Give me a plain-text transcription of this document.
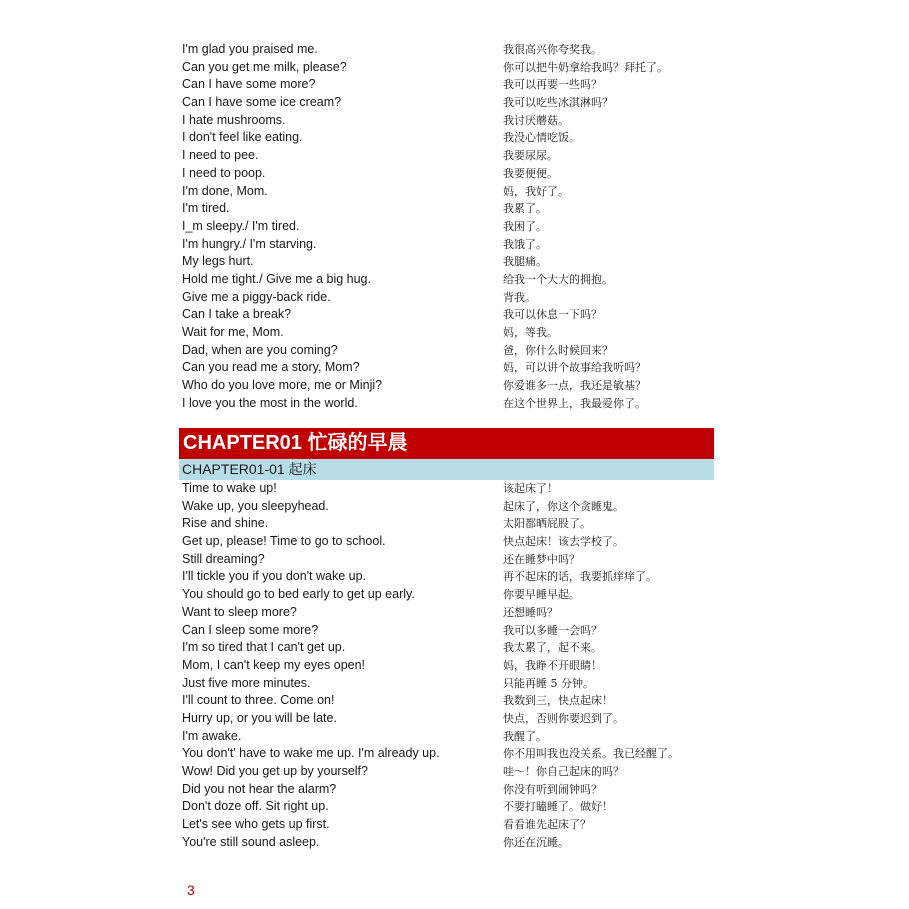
I'm glad you praised me.	我很高兴你夸奖我。
Can you get me milk, please?	你可以把牛奶拿给我吗？拜托了。
Can I have some more?	我可以再要一些吗？
Can I have some ice cream?	我可以吃些冰淇淋吗？
I hate mushrooms.	我讨厌蘑菇。
I don't feel like eating.	我没心情吃饭。
I need to pee.	我要尿尿。
I need to poop.	我要便便。
I'm done, Mom.	妈，我好了。
I'm tired.	我累了。
I_m sleepy./ I'm tired.	我困了。
I'm hungry./ I'm starving.	我饿了。
My legs hurt.	我腿痛。
Hold me tight./ Give me a big hug.	给我一个大大的拥抱。
Give me a piggy-back ride.	背我。
Can I take a break?	我可以休息一下吗？
Wait for me, Mom.	妈，等我。
Dad, when are you coming?	爸，你什么时候回来？
Can you read me a story, Mom?	妈，可以讲个故事给我听吗？
Who do you love more, me or Minji?	你爱谁多一点，我还是敏基？
I love you the most in the world.	在这个世界上，我最爱你了。
CHAPTER01 忙碌的早晨
CHAPTER01-01 起床
Time to wake up!	该起床了！
Wake up, you sleepyhead.	起床了，你这个贪睡鬼。
Rise and shine.	太阳都晒屁股了。
Get up, please! Time to go to school.	快点起床！该去学校了。
Still dreaming?	还在睡梦中吗？
I'll tickle you if you don't wake up.	再不起床的话，我要抓痒痒了。
You should go to bed early to get up early.	你要早睡早起。
Want to sleep more?	还想睡吗？
Can I sleep some more?	我可以多睡一会吗？
I'm so tired that I can't get up.	我太累了，起不来。
Mom, I can't keep my eyes open!	妈，我睁不开眼睛！
Just five more minutes.	只能再睡 5 分钟。
I'll count to three. Come on!	我数到三，快点起床！
Hurry up, or you will be late.	快点，否则你要迟到了。
I'm awake.	我醒了。
You don't' have to wake me up. I'm already up.	你不用叫我也没关系。我已经醒了。
Wow! Did you get up by yourself?	哇～！你自己起床的吗？
Did you not hear the alarm?	你没有听到闹钟吗？
Don't doze off. Sit right up.	不要打瞌睡了。做好！
Let's see who gets up first.	看看谁先起床了？
You're still sound asleep.	你还在沉睡。
3
